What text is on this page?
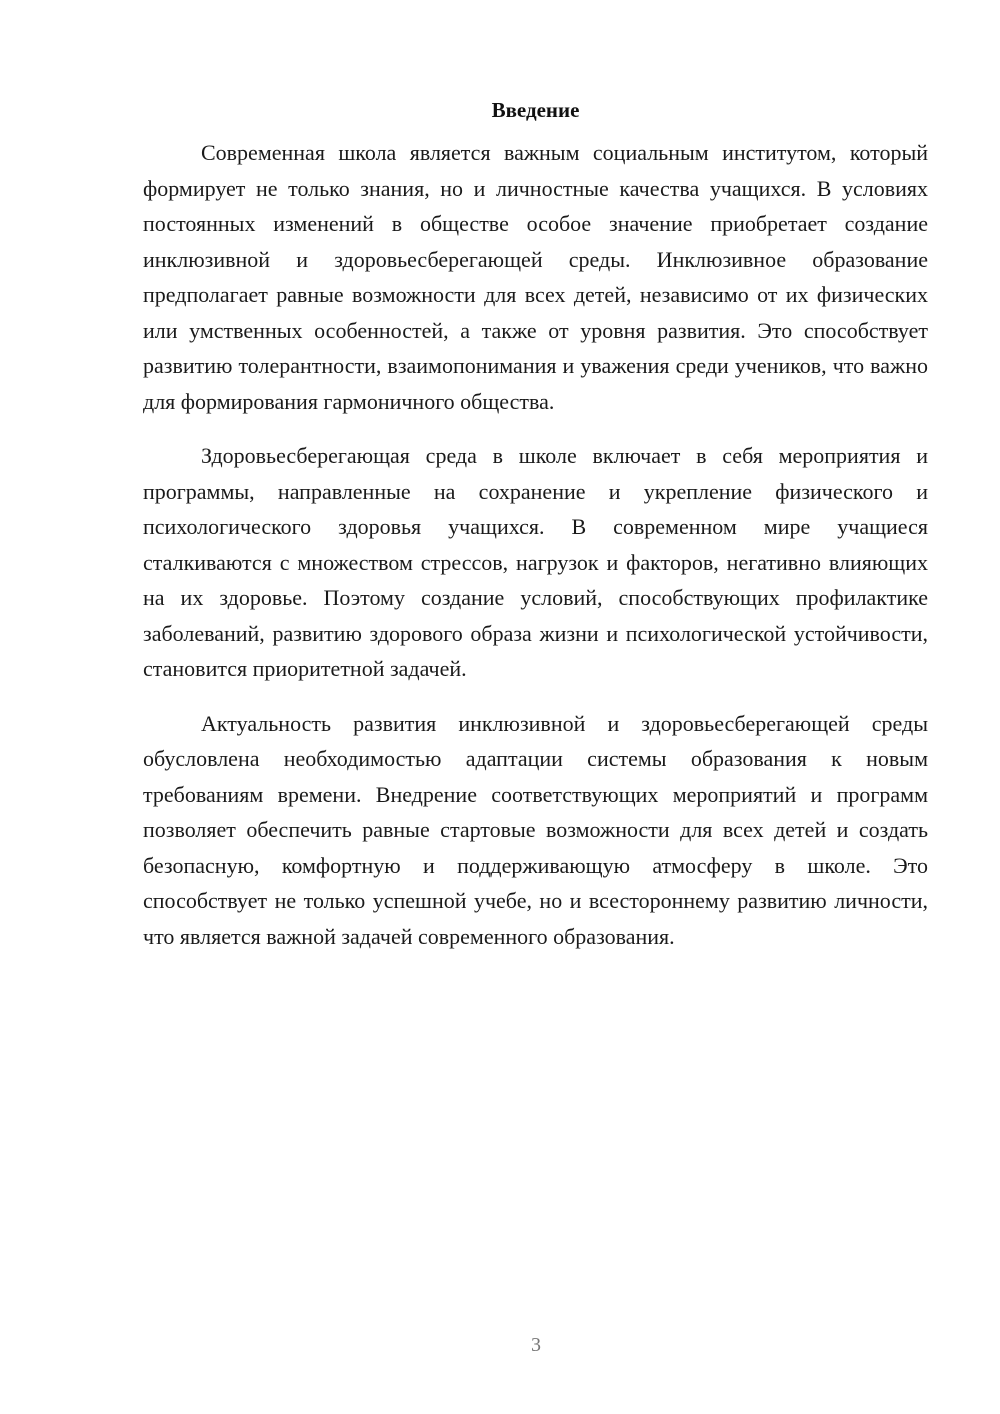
Введение

Современная школа является важным социальным институтом, который формирует не только знания, но и личностные качества учащихся. В условиях постоянных изменений в обществе особое значение приобретает создание инклюзивной и здоровьесберегающей среды. Инклюзивное образование предполагает равные возможности для всех детей, независимо от их физических или умственных особенностей, а также от уровня развития. Это способствует развитию толерантности, взаимопонимания и уважения среди учеников, что важно для формирования гармоничного общества.

Здоровьесберегающая среда в школе включает в себя мероприятия и программы, направленные на сохранение и укрепление физического и психологического здоровья учащихся. В современном мире учащиеся сталкиваются с множеством стрессов, нагрузок и факторов, негативно влияющих на их здоровье. Поэтому создание условий, способствующих профилактике заболеваний, развитию здорового образа жизни и психологической устойчивости, становится приоритетной задачей.

Актуальность развития инклюзивной и здоровьесберегающей среды обусловлена необходимостью адаптации системы образования к новым требованиям времени. Внедрение соответствующих мероприятий и программ позволяет обеспечить равные стартовые возможности для всех детей и создать безопасную, комфортную и поддерживающую атмосферу в школе. Это способствует не только успешной учебе, но и всестороннему развитию личности, что является важной задачей современного образования.

3
